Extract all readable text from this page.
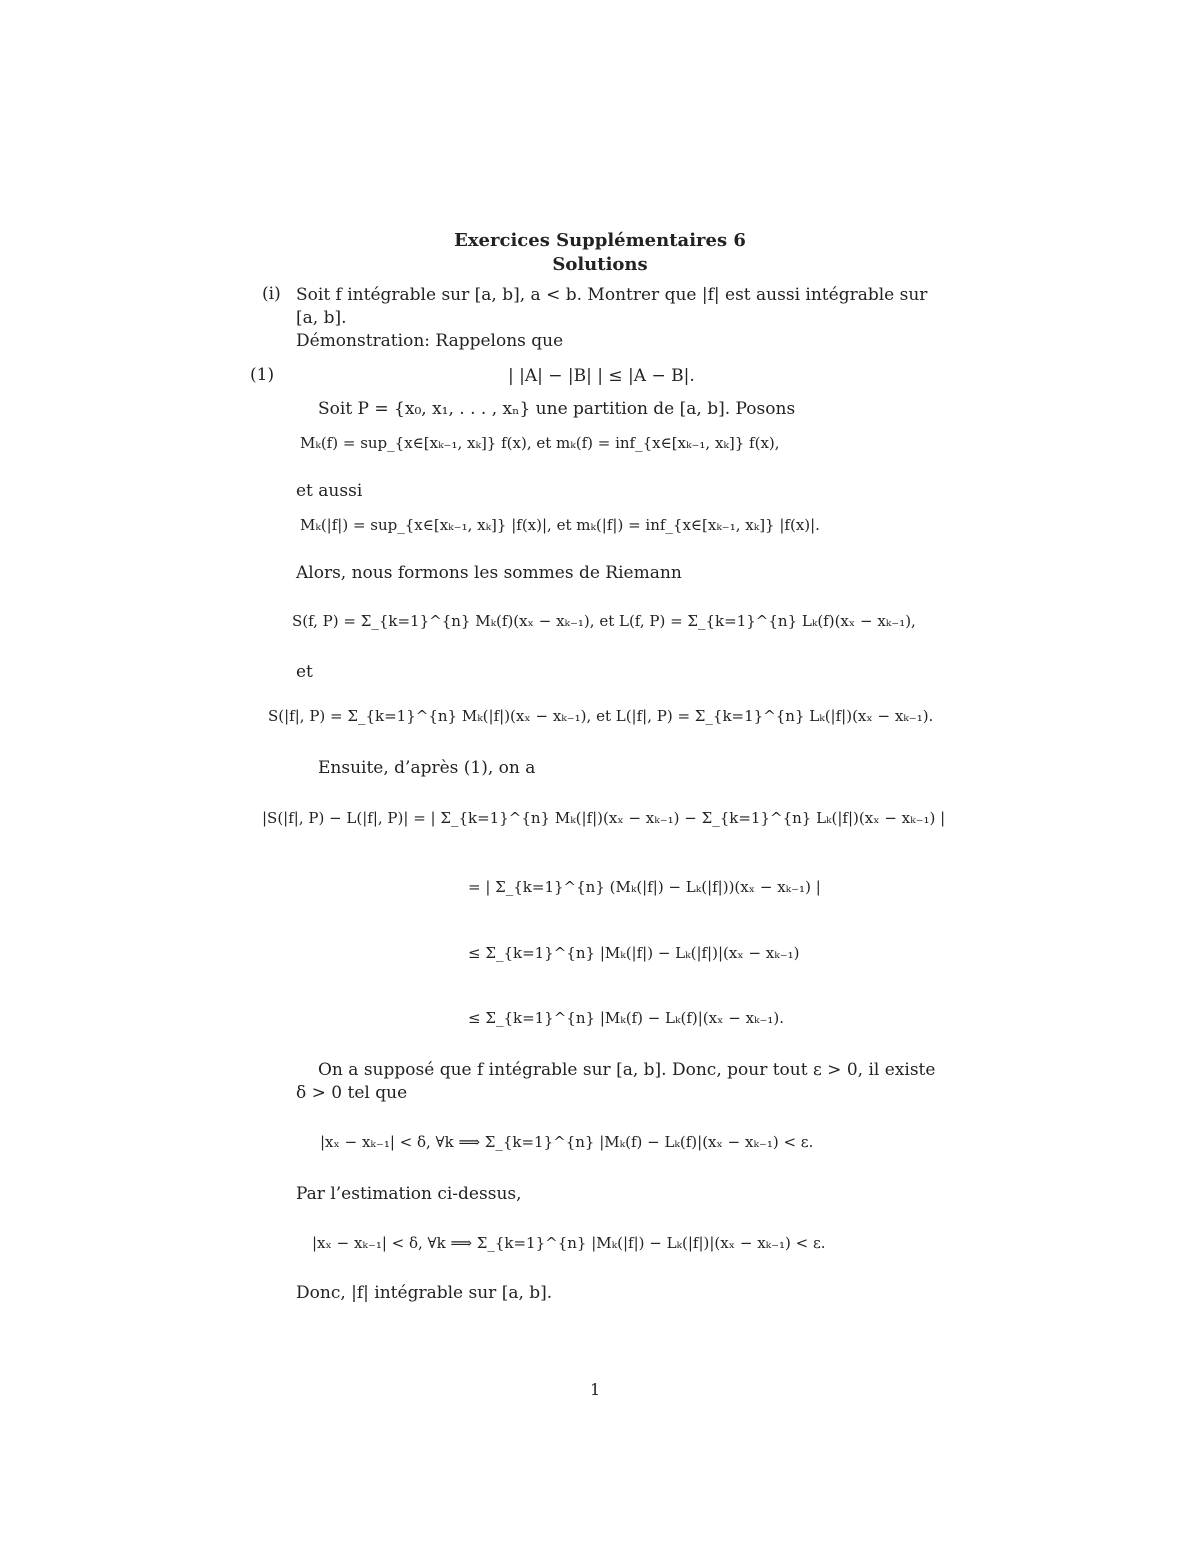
Exercices Supplémentaires 6
Solutions
(i) Soit f intégrable sur [a, b], a < b. Montrer que |f| est aussi intégrable sur
[a, b].
Démonstration: Rappelons que
(1)	| |A| − |B| | ≤ |A − B|.
Soit P = {x₀, x₁, . . . , xₙ} une partition de [a, b]. Posons
Mₖ(f) = sup_{x∈[xₖ₋₁, xₖ]} f(x), et mₖ(f) = inf_{x∈[xₖ₋₁, xₖ]} f(x),
et aussi
Mₖ(|f|) = sup_{x∈[xₖ₋₁, xₖ]} |f(x)|, et mₖ(|f|) = inf_{x∈[xₖ₋₁, xₖ]} |f(x)|.
Alors, nous formons les sommes de Riemann
S(f, P) = Σ_{k=1}^{n} Mₖ(f)(xₓ − xₖ₋₁), et L(f, P) = Σ_{k=1}^{n} Lₖ(f)(xₓ − xₖ₋₁),
et
S(|f|, P) = Σ_{k=1}^{n} Mₖ(|f|)(xₓ − xₖ₋₁), et L(|f|, P) = Σ_{k=1}^{n} Lₖ(|f|)(xₓ − xₖ₋₁).
Ensuite, d’après (1), on a
|S(|f|, P) − L(|f|, P)| = | Σ_{k=1}^{n} Mₖ(|f|)(xₓ − xₖ₋₁) − Σ_{k=1}^{n} Lₖ(|f|)(xₓ − xₖ₋₁) |
= | Σ_{k=1}^{n} (Mₖ(|f|) − Lₖ(|f|))(xₓ − xₖ₋₁) |
≤ Σ_{k=1}^{n} |Mₖ(|f|) − Lₖ(|f|)|(xₓ − xₖ₋₁)
≤ Σ_{k=1}^{n} |Mₖ(f) − Lₖ(f)|(xₓ − xₖ₋₁).
On a supposé que f intégrable sur [a, b]. Donc, pour tout ε > 0, il existe
δ > 0 tel que
|xₓ − xₖ₋₁| < δ, ∀k ⟹ Σ_{k=1}^{n} |Mₖ(f) − Lₖ(f)|(xₓ − xₖ₋₁) < ε.
Par l’estimation ci-dessus,
|xₓ − xₖ₋₁| < δ, ∀k ⟹ Σ_{k=1}^{n} |Mₖ(|f|) − Lₖ(|f|)|(xₓ − xₖ₋₁) < ε.
Donc, |f| intégrable sur [a, b].
1
